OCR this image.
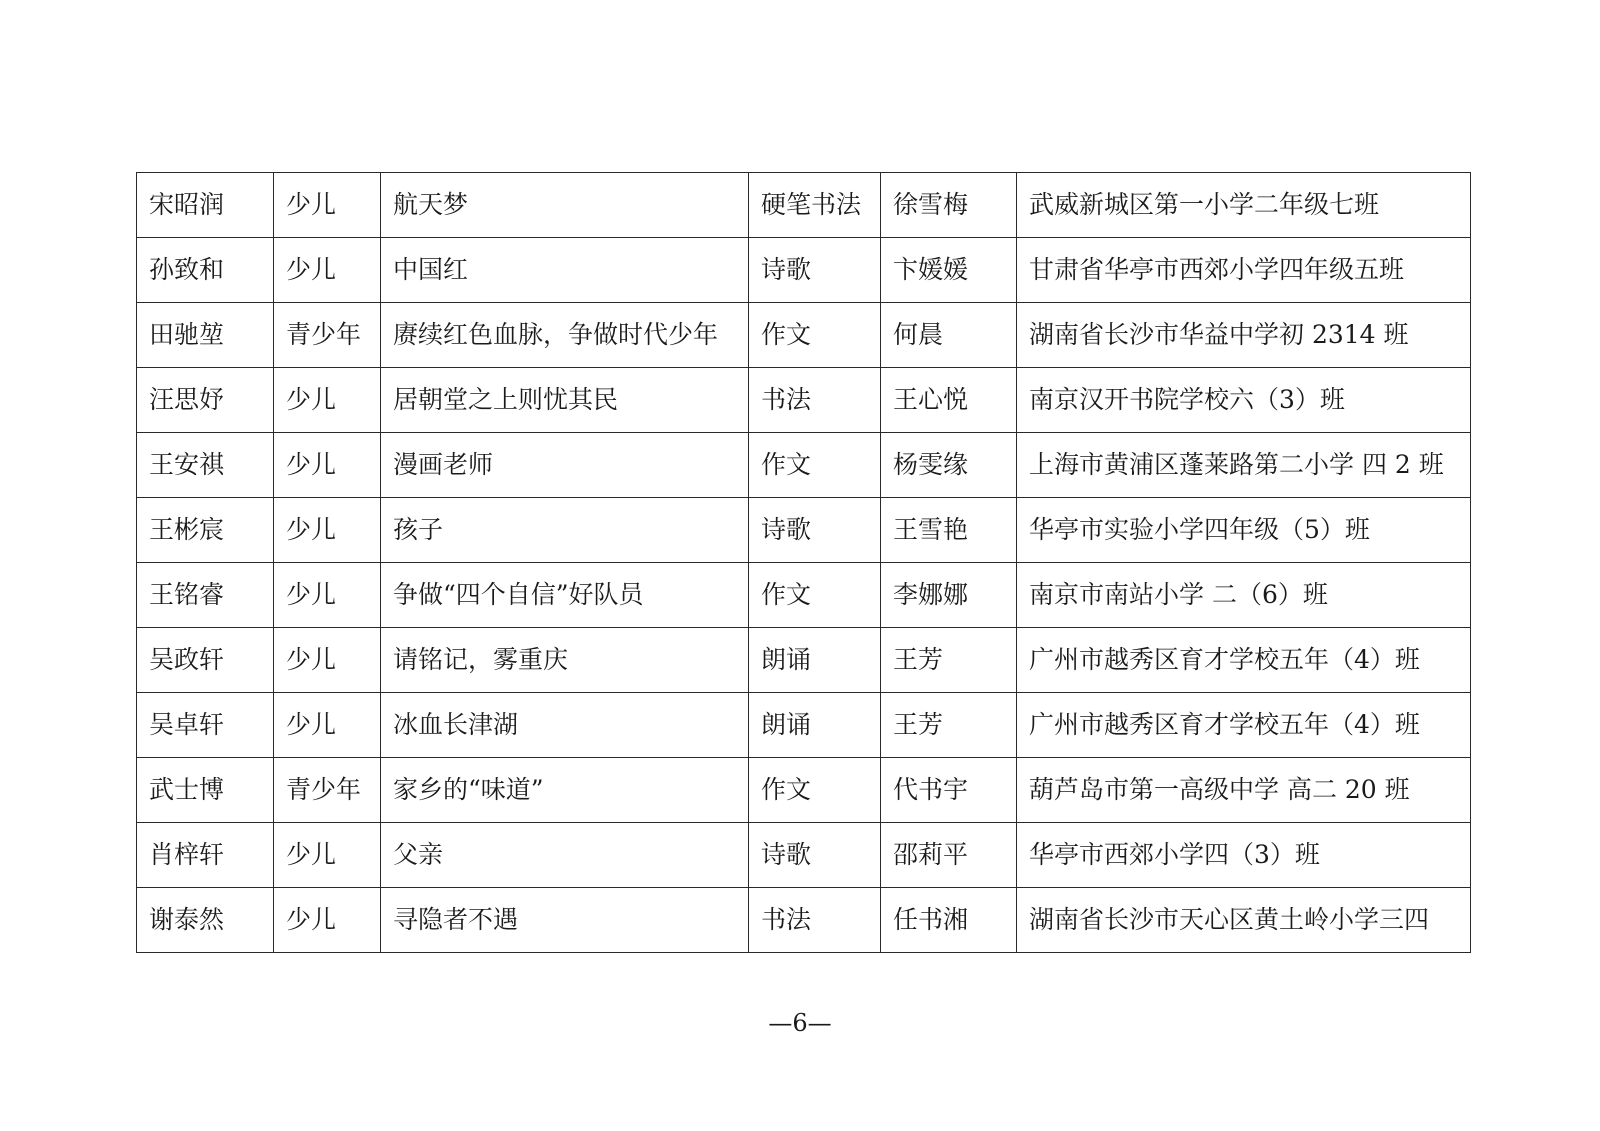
宋昭润	少儿	航天梦	硬笔书法	徐雪梅	武威新城区第一小学二年级七班
孙致和	少儿	中国红	诗歌	卞媛媛	甘肃省华亭市西郊小学四年级五班
田驰堃	青少年	赓续红色血脉，争做时代少年	作文	何晨	湖南省长沙市华益中学初 2314 班
汪思妤	少儿	居朝堂之上则忧其民	书法	王心悦	南京汉开书院学校六（3）班
王安祺	少儿	漫画老师	作文	杨雯缘	上海市黄浦区蓬莱路第二小学 四 2 班
王彬宸	少儿	孩子	诗歌	王雪艳	华亭市实验小学四年级（5）班
王铭睿	少儿	争做“四个自信”好队员	作文	李娜娜	南京市南站小学 二（6）班
吴政轩	少儿	请铭记，雾重庆	朗诵	王芳	广州市越秀区育才学校五年（4）班
吴卓轩	少儿	冰血长津湖	朗诵	王芳	广州市越秀区育才学校五年（4）班
武士博	青少年	家乡的“味道”	作文	代书宇	葫芦岛市第一高级中学 高二 20 班
肖梓轩	少儿	父亲	诗歌	邵莉平	华亭市西郊小学四（3）班
谢泰然	少儿	寻隐者不遇	书法	任书湘	湖南省长沙市天心区黄土岭小学三四
—6—
